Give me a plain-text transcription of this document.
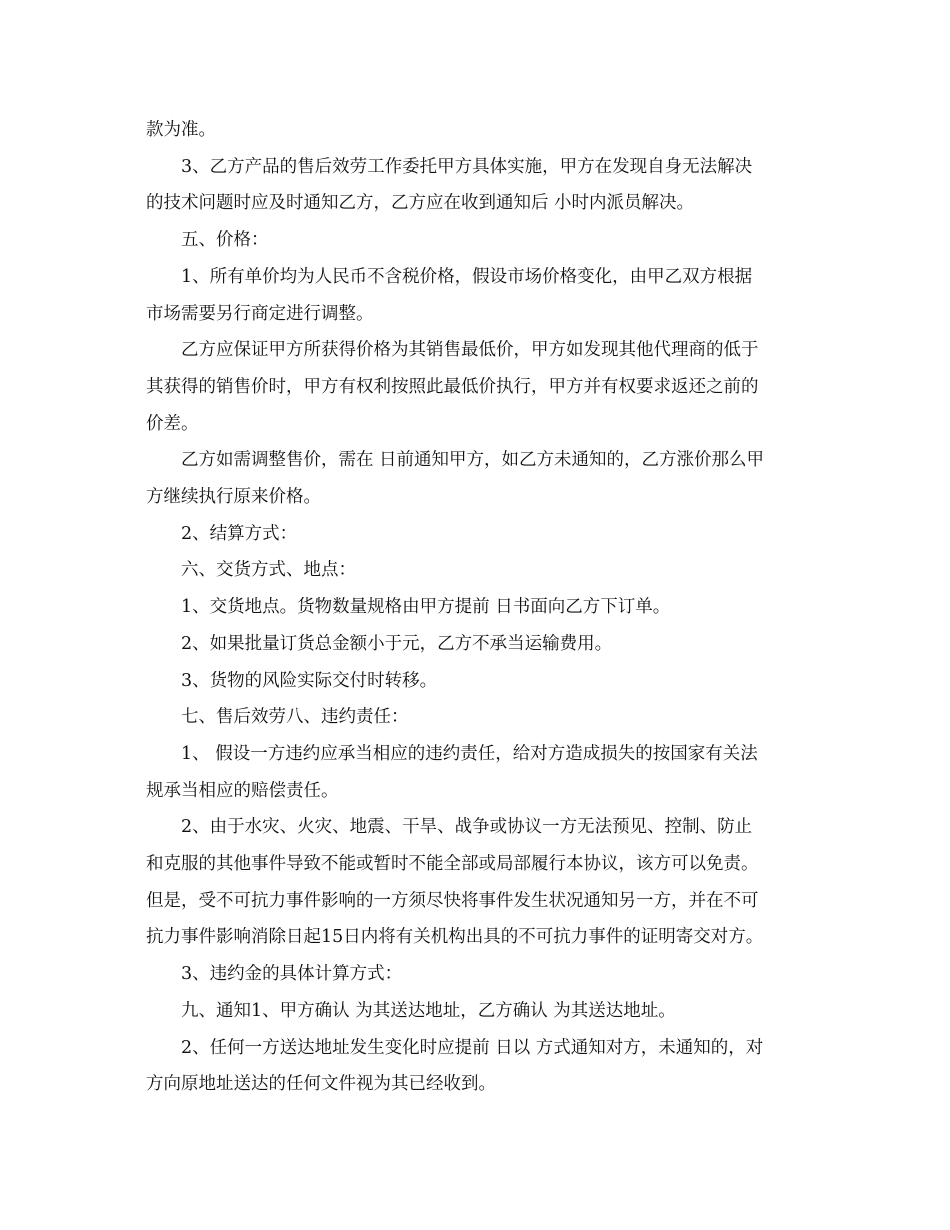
款为准。

3、乙方产品的售后效劳工作委托甲方具体实施，甲方在发现自身无法解决
的技术问题时应及时通知乙方，乙方应在收到通知后 小时内派员解决。

五、价格：

1、所有单价均为人民币不含税价格，假设市场价格变化，由甲乙双方根据
市场需要另行商定进行调整。

乙方应保证甲方所获得价格为其销售最低价，甲方如发现其他代理商的低于
其获得的销售价时，甲方有权利按照此最低价执行，甲方并有权要求返还之前的
价差。

乙方如需调整售价，需在 日前通知甲方，如乙方未通知的，乙方涨价那么甲
方继续执行原来价格。

2、结算方式：

六、交货方式、地点：

1、交货地点。货物数量规格由甲方提前 日书面向乙方下订单。

2、如果批量订货总金额小于元，乙方不承当运输费用。

3、货物的风险实际交付时转移。

七、售后效劳八、违约责任：

1、 假设一方违约应承当相应的违约责任，给对方造成损失的按国家有关法
规承当相应的赔偿责任。

2、由于水灾、火灾、地震、干旱、战争或协议一方无法预见、控制、防止
和克服的其他事件导致不能或暂时不能全部或局部履行本协议，该方可以免责。
但是，受不可抗力事件影响的一方须尽快将事件发生状况通知另一方，并在不可
抗力事件影响消除日起15日内将有关机构出具的不可抗力事件的证明寄交对方。

3、违约金的具体计算方式：

九、通知1、甲方确认 为其送达地址，乙方确认 为其送达地址。

2、任何一方送达地址发生变化时应提前 日以 方式通知对方，未通知的，对
方向原地址送达的任何文件视为其已经收到。
